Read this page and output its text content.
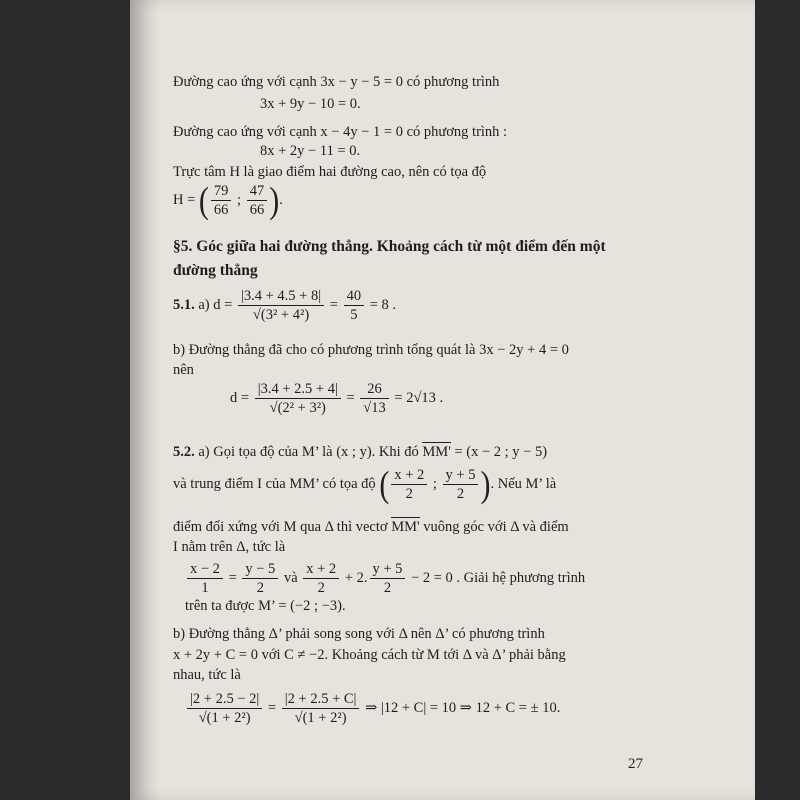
Đường cao ứng với cạnh 3x − y − 5 = 0 có phương trình
3x + 9y − 10 = 0.
Đường cao ứng với cạnh x − 4y − 1 = 0 có phương trình :
8x + 2y − 11 = 0.
Trực tâm H là giao điểm hai đường cao, nên có tọa độ
H = ( $\frac{79}{66}$ ; $\frac{47}{66}$ ).
§5. Góc giữa hai đường thẳng. Khoảng cách từ một điểm đến một đường thẳng
5.1. a) $d = \frac{|3.4 + 4.5 + 8|}{\text{√(3² + 4²)}} = \frac{40}{5} = 8$ .
b) Đường thẳng đã cho có phương trình tổng quát là 3x − 2y + 4 = 0
nên
$d = \frac{|3.4 + 2.5 + 4|}{\text{√(2² + 3²)}} = \frac{26}{√13} = 2√13$ .
5.2. a) Gọi tọa độ của M’ là (x ; y). Khi đó MM' = (x − 2 ; y − 5)
và trung điểm I của MM’ có tọa độ ( $\frac{x + 2}{2}$ ; $\frac{y + 5}{2}$ ). Nếu M’ là
điểm đối xứng với M qua Δ thì vectơ MM' vuông góc với Δ và điểm
I nằm trên Δ, tức là
$\frac{x - 2}{1} = \frac{y - 5}{2}$ và $\frac{x + 2}{2} + 2$. $\frac{y + 5}{2} - 2 = 0$ . Giải hệ phương trình
trên ta được M’ = (−2 ; −3).
b) Đường thẳng Δ’ phải song song với Δ nên Δ’ có phương trình
x + 2y + C = 0 với C ≠ −2. Khoảng cách từ M tới Δ và Δ’ phải bằng
nhau, tức là
$\frac{|2 + 2.5 - 2|}{\text{√(1 + 2²)}} = \frac{|2 + 2.5 + C|}{\text{√(1 + 2²)}}$ ⇒ |12 + C| = 10 ⇒ 12 + C = ± 10.
27
